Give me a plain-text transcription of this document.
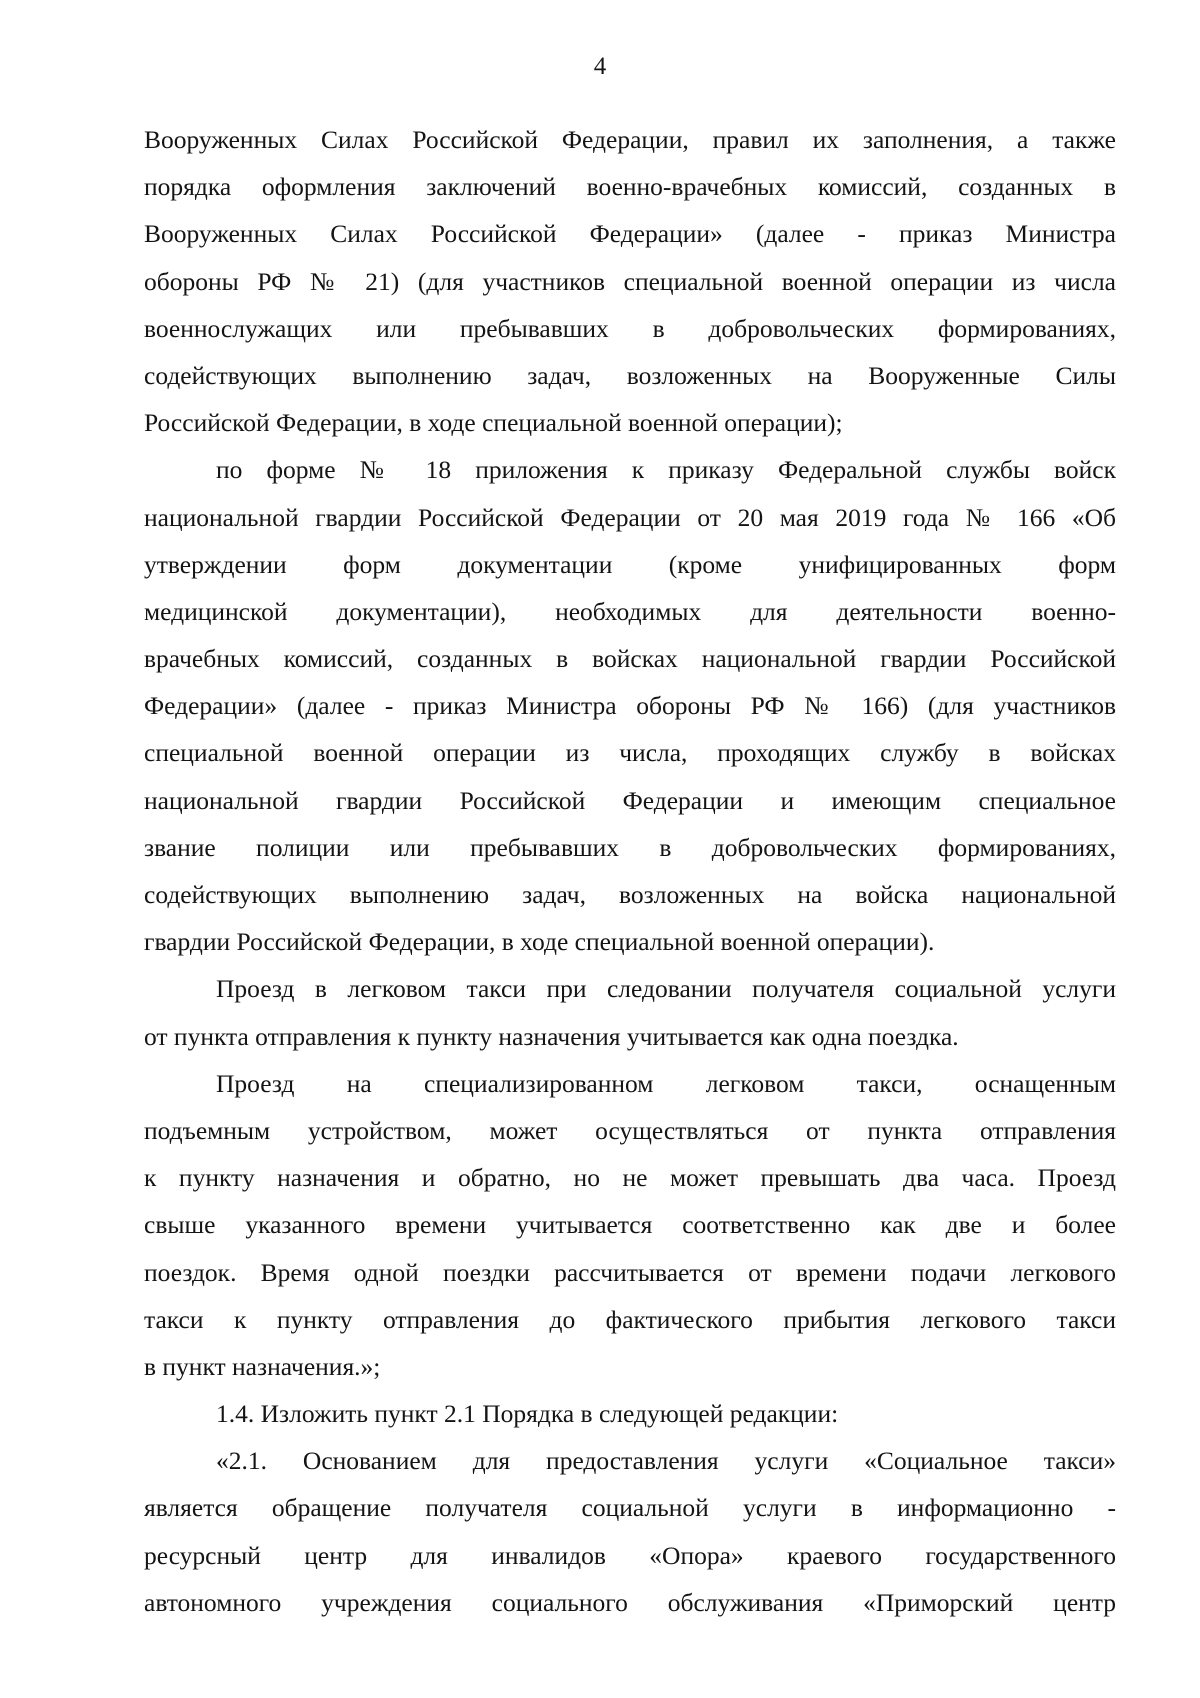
4
Вооруженных Силах Российской Федерации, правил их заполнения, а также
порядка оформления заключений военно-врачебных комиссий, созданных в
Вооруженных Силах Российской Федерации» (далее - приказ Министра
обороны РФ № 21) (для участников специальной военной операции из числа
военнослужащих или пребывавших в добровольческих формированиях,
содействующих выполнению задач, возложенных на Вооруженные Силы
Российской Федерации, в ходе специальной военной операции);
по форме № 18 приложения к приказу Федеральной службы войск
национальной гвардии Российской Федерации от 20 мая 2019 года № 166 «Об
утверждении форм документации (кроме унифицированных форм
медицинской документации), необходимых для деятельности военно-
врачебных комиссий, созданных в войсках национальной гвардии Российской
Федерации» (далее - приказ Министра обороны РФ № 166) (для участников
специальной военной операции из числа, проходящих службу в войсках
национальной гвардии Российской Федерации и имеющим специальное
звание полиции или пребывавших в добровольческих формированиях,
содействующих выполнению задач, возложенных на войска национальной
гвардии Российской Федерации, в ходе специальной военной операции).
Проезд в легковом такси при следовании получателя социальной услуги
от пункта отправления к пункту назначения учитывается как одна поездка.
Проезд на специализированном легковом такси, оснащенным
подъемным устройством, может осуществляться от пункта отправления
к пункту назначения и обратно, но не может превышать два часа. Проезд
свыше указанного времени учитывается соответственно как две и более
поездок. Время одной поездки рассчитывается от времени подачи легкового
такси к пункту отправления до фактического прибытия легкового такси
в пункт назначения.»;
1.4. Изложить пункт 2.1 Порядка в следующей редакции:
«2.1. Основанием для предоставления услуги «Социальное такси»
является обращение получателя социальной услуги в информационно -
ресурсный центр для инвалидов «Опора» краевого государственного
автономного учреждения социального обслуживания «Приморский центр
